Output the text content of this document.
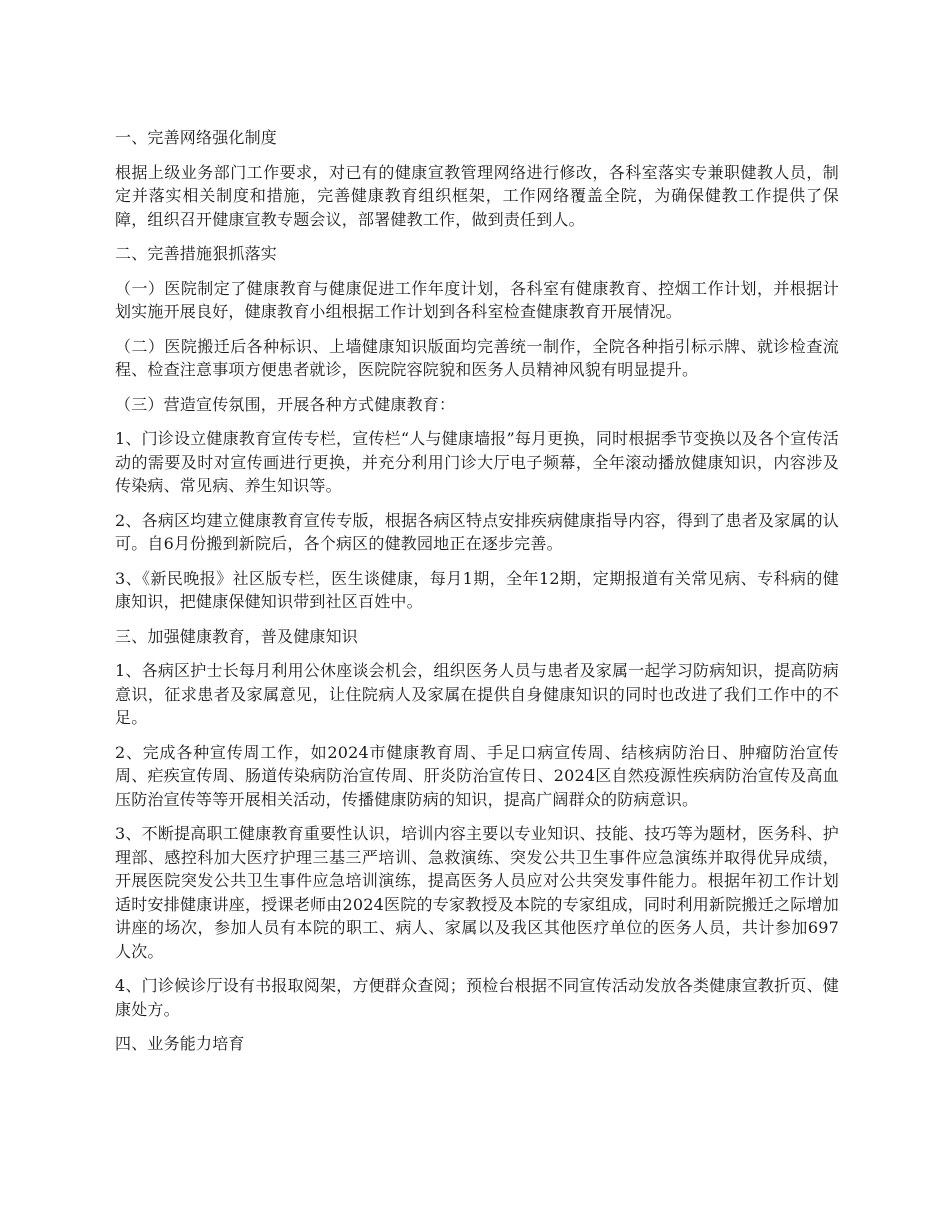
一、完善网络强化制度

根据上级业务部门工作要求，对已有的健康宣教管理网络进行修改，各科室落实专兼职健教人员，制定并落实相关制度和措施，完善健康教育组织框架，工作网络覆盖全院，为确保健教工作提供了保障，组织召开健康宣教专题会议，部署健教工作，做到责任到人。

二、完善措施狠抓落实

（一）医院制定了健康教育与健康促进工作年度计划，各科室有健康教育、控烟工作计划，并根据计划实施开展良好，健康教育小组根据工作计划到各科室检查健康教育开展情况。

（二）医院搬迁后各种标识、上墙健康知识版面均完善统一制作，全院各种指引标示牌、就诊检查流程、检查注意事项方便患者就诊，医院院容院貌和医务人员精神风貌有明显提升。

（三）营造宣传氛围，开展各种方式健康教育：

1、门诊设立健康教育宣传专栏，宣传栏“人与健康墙报”每月更换，同时根据季节变换以及各个宣传活动的需要及时对宣传画进行更换，并充分利用门诊大厅电子频幕，全年滚动播放健康知识，内容涉及传染病、常见病、养生知识等。

2、各病区均建立健康教育宣传专版，根据各病区特点安排疾病健康指导内容，得到了患者及家属的认可。自6月份搬到新院后，各个病区的健教园地正在逐步完善。

3、《新民晚报》社区版专栏，医生谈健康，每月1期，全年12期，定期报道有关常见病、专科病的健康知识，把健康保健知识带到社区百姓中。

三、加强健康教育，普及健康知识

1、各病区护士长每月利用公休座谈会机会，组织医务人员与患者及家属一起学习防病知识，提高防病意识，征求患者及家属意见，让住院病人及家属在提供自身健康知识的同时也改进了我们工作中的不足。

2、完成各种宣传周工作，如2024市健康教育周、手足口病宣传周、结核病防治日、肿瘤防治宣传周、疟疾宣传周、肠道传染病防治宣传周、肝炎防治宣传日、2024区自然疫源性疾病防治宣传及高血压防治宣传等等开展相关活动，传播健康防病的知识，提高广阔群众的防病意识。

3、不断提高职工健康教育重要性认识，培训内容主要以专业知识、技能、技巧等为题材，医务科、护理部、感控科加大医疗护理三基三严培训、急救演练、突发公共卫生事件应急演练并取得优异成绩，开展医院突发公共卫生事件应急培训演练，提高医务人员应对公共突发事件能力。根据年初工作计划适时安排健康讲座，授课老师由2024医院的专家教授及本院的专家组成，同时利用新院搬迁之际增加讲座的场次，参加人员有本院的职工、病人、家属以及我区其他医疗单位的医务人员，共计参加697人次。

4、门诊候诊厅设有书报取阅架，方便群众查阅；预检台根据不同宣传活动发放各类健康宣教折页、健康处方。

四、业务能力培育
